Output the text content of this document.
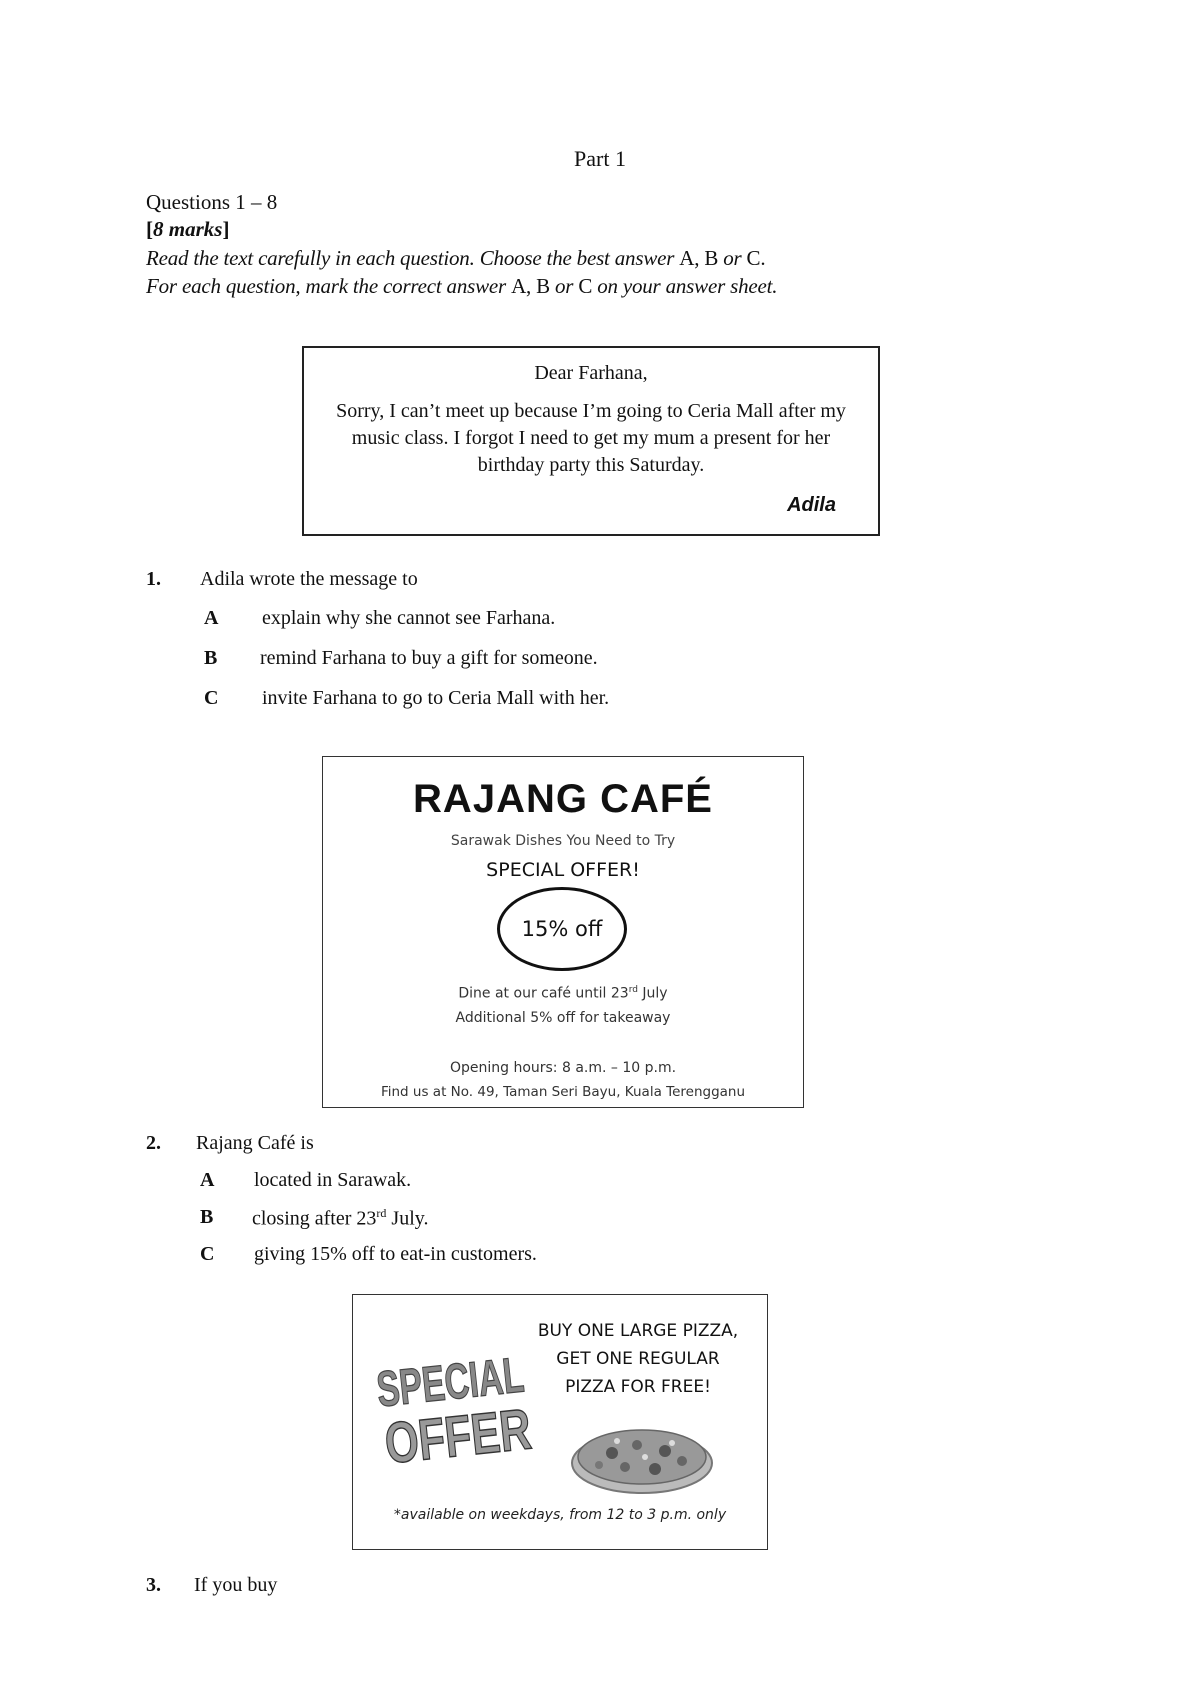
Part 1
Questions 1 – 8
[8 marks]
Read the text carefully in each question. Choose the best answer A, B or C.
For each question, mark the correct answer A, B or C on your answer sheet.
Dear Farhana,
Sorry, I can’t meet up because I’m going to Ceria Mall after my music class. I forgot I need to get my mum a present for her birthday party this Saturday.
Adila
1. Adila wrote the message to
A explain why she cannot see Farhana.
B remind Farhana to buy a gift for someone.
C invite Farhana to go to Ceria Mall with her.
RAJANG CAFÉ
Sarawak Dishes You Need to Try
SPECIAL OFFER!
15% off
Dine at our café until 23rd July
Additional 5% off for takeaway
Opening hours: 8 a.m. – 10 p.m.
Find us at No. 49, Taman Seri Bayu, Kuala Terengganu
2. Rajang Café is
A located in Sarawak.
B closing after 23rd July.
C giving 15% off to eat-in customers.
SPECIAL
OFFER
BUY ONE LARGE PIZZA,
GET ONE REGULAR
PIZZA FOR FREE!
*available on weekdays, from 12 to 3 p.m. only
3. If you buy
